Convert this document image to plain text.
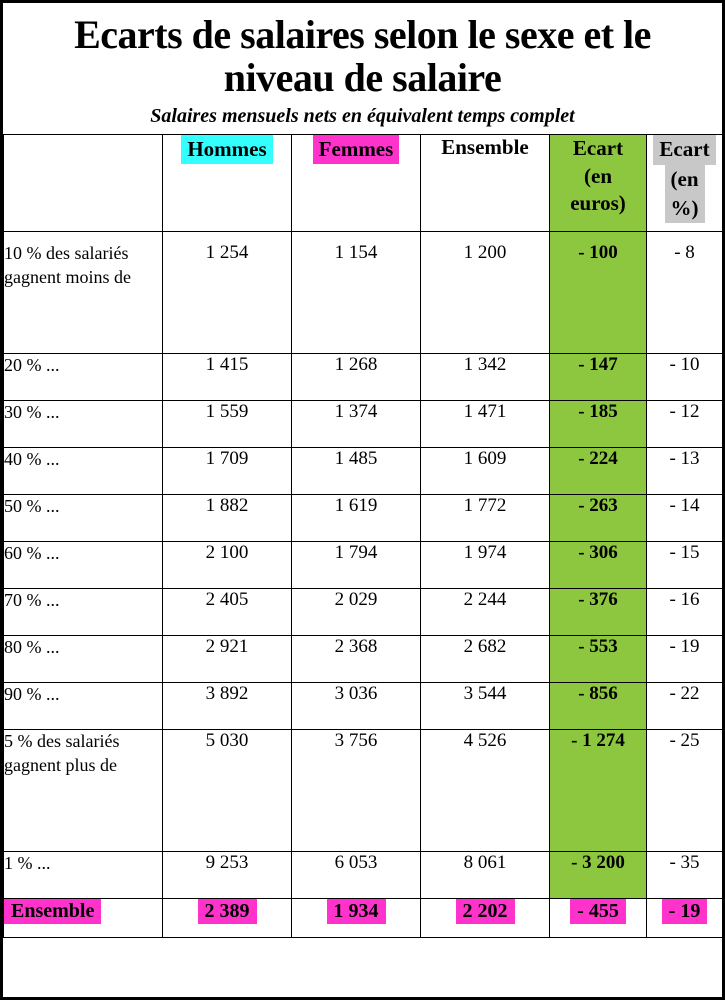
Ecarts de salaires selon le sexe et le niveau de salaire
Salaires mensuels nets en équivalent temps complet
	Hommes	Femmes	Ensemble	Ecart
(en
euros)	Ecart
(en
%)
10 % des salariés gagnent moins de	1 254	1 154	1 200	- 100	- 8
20 % ...	1 415	1 268	1 342	- 147	- 10
30 % ...	1 559	1 374	1 471	- 185	- 12
40 % ...	1 709	1 485	1 609	- 224	- 13
50 % ...	1 882	1 619	1 772	- 263	- 14
60 % ...	2 100	1 794	1 974	- 306	- 15
70 % ...	2 405	2 029	2 244	- 376	- 16
80 % ...	2 921	2 368	2 682	- 553	- 19
90 % ...	3 892	3 036	3 544	- 856	- 22
5 % des salariés gagnent plus de	5 030	3 756	4 526	- 1 274	- 25
1 % ...	9 253	6 053	8 061	- 3 200	- 35
Ensemble	2 389	1 934	2 202	- 455	- 19
